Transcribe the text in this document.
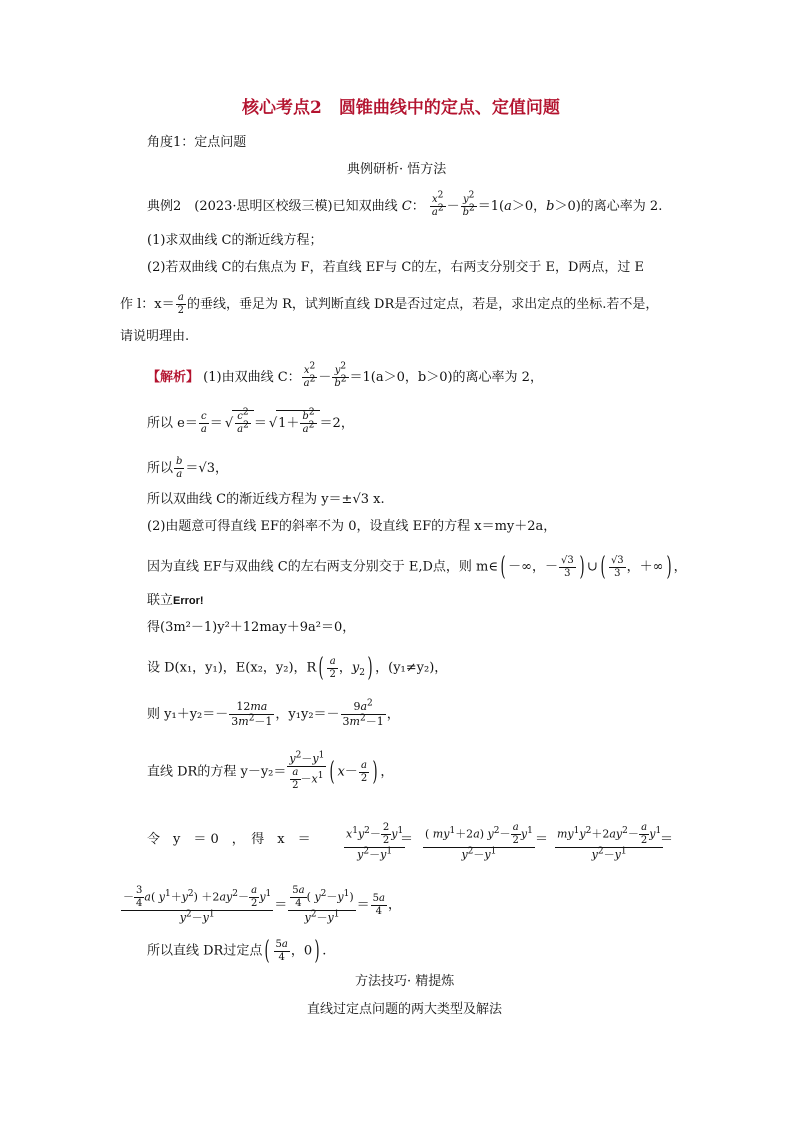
核心考点2　圆锥曲线中的定点、定值问题
角度1：定点问题
典例研析· 悟方法
典例2　(2023·思明区校级三模)已知双曲线 C： $\frac{x^2}{a^2} - \frac{y^2}{b^2} =1(a>0$，b＞0)的离心率为 2.
(1)求双曲线 C的渐近线方程；
(2)若双曲线 C的右焦点为 F，若直线 EF与 C的左，右两支分别交于 E，D两点，过 E
作 l：$x= \frac{a}{2}$ 的垂线，垂足为 R，试判断直线 DR是否过定点，若是，求出定点的坐标.若不是，
请说明理由.
【解析】 (1)由双曲线 C： $\frac{x^2}{a^2} - \frac{y^2}{b^2} =1(a>0$，b＞0)的离心率为 2，
所以 $e= \frac{c}{a}$ ＝ √ $\frac{c^2}{a^2}$ ＝ √ $1+ \frac{b^2}{a^2} =2$，
所以 $\frac{b}{a} =√3$，
所以双曲线 C的渐近线方程为 y＝±√3 x.
(2)由题意可得直线 EF的斜率不为 0，设直线 EF的方程 x＝my＋2a，
因为直线 EF与双曲线 C的左右两支分别交于 E,D点，则 m∈( －∞，－ $\frac{√3}{3}$ ) ∪( $\frac{√3}{3}$ ，＋∞) ，
联立Error!
得(3m²－1)y²＋12may＋9a²＝0，
设 D(x₁，y₁)，E(x₂，y₂)，$R( \frac{a}{2}$ ，$y_2$) ，(y₁≠y₂)，
则 $y_1+y_2=- \frac{12ma}{3m^2-1}$ ，$y_1y_2=- \frac{9a^2}{3m^2-1}$ ，
直线 DR的方程 $y-y_2= \frac{y^2-y^1}{\frac{a}{2} -x^1}$ ( $x- \frac{a}{2}$ ) ，
令　y　＝ 0　，　得　x　＝	$\frac{x^1y^2- \frac{2}{2} y^1}{y^2-y^1}$
＝ $\frac{( my^1+2a) y^2- \frac{a}{2} y^1}{y^2-y^1} = \frac{my^1y^2+2ay^2- \frac{a}{2} y^1}{y^2-y^1}$
＝
$\frac{- \frac{3}{4} a( y^1+y^2) +2ay^2- \frac{a}{2} y^1}{y^2-y^1} = \frac{\frac{5a}{4} ( y^2-y^1)}{y^2-y^1} = \frac{5a}{4}$ ，
所以直线 DR过定点( $\frac{5a}{4}$ ，0) .
方法技巧· 精提炼
直线过定点问题的两大类型及解法
